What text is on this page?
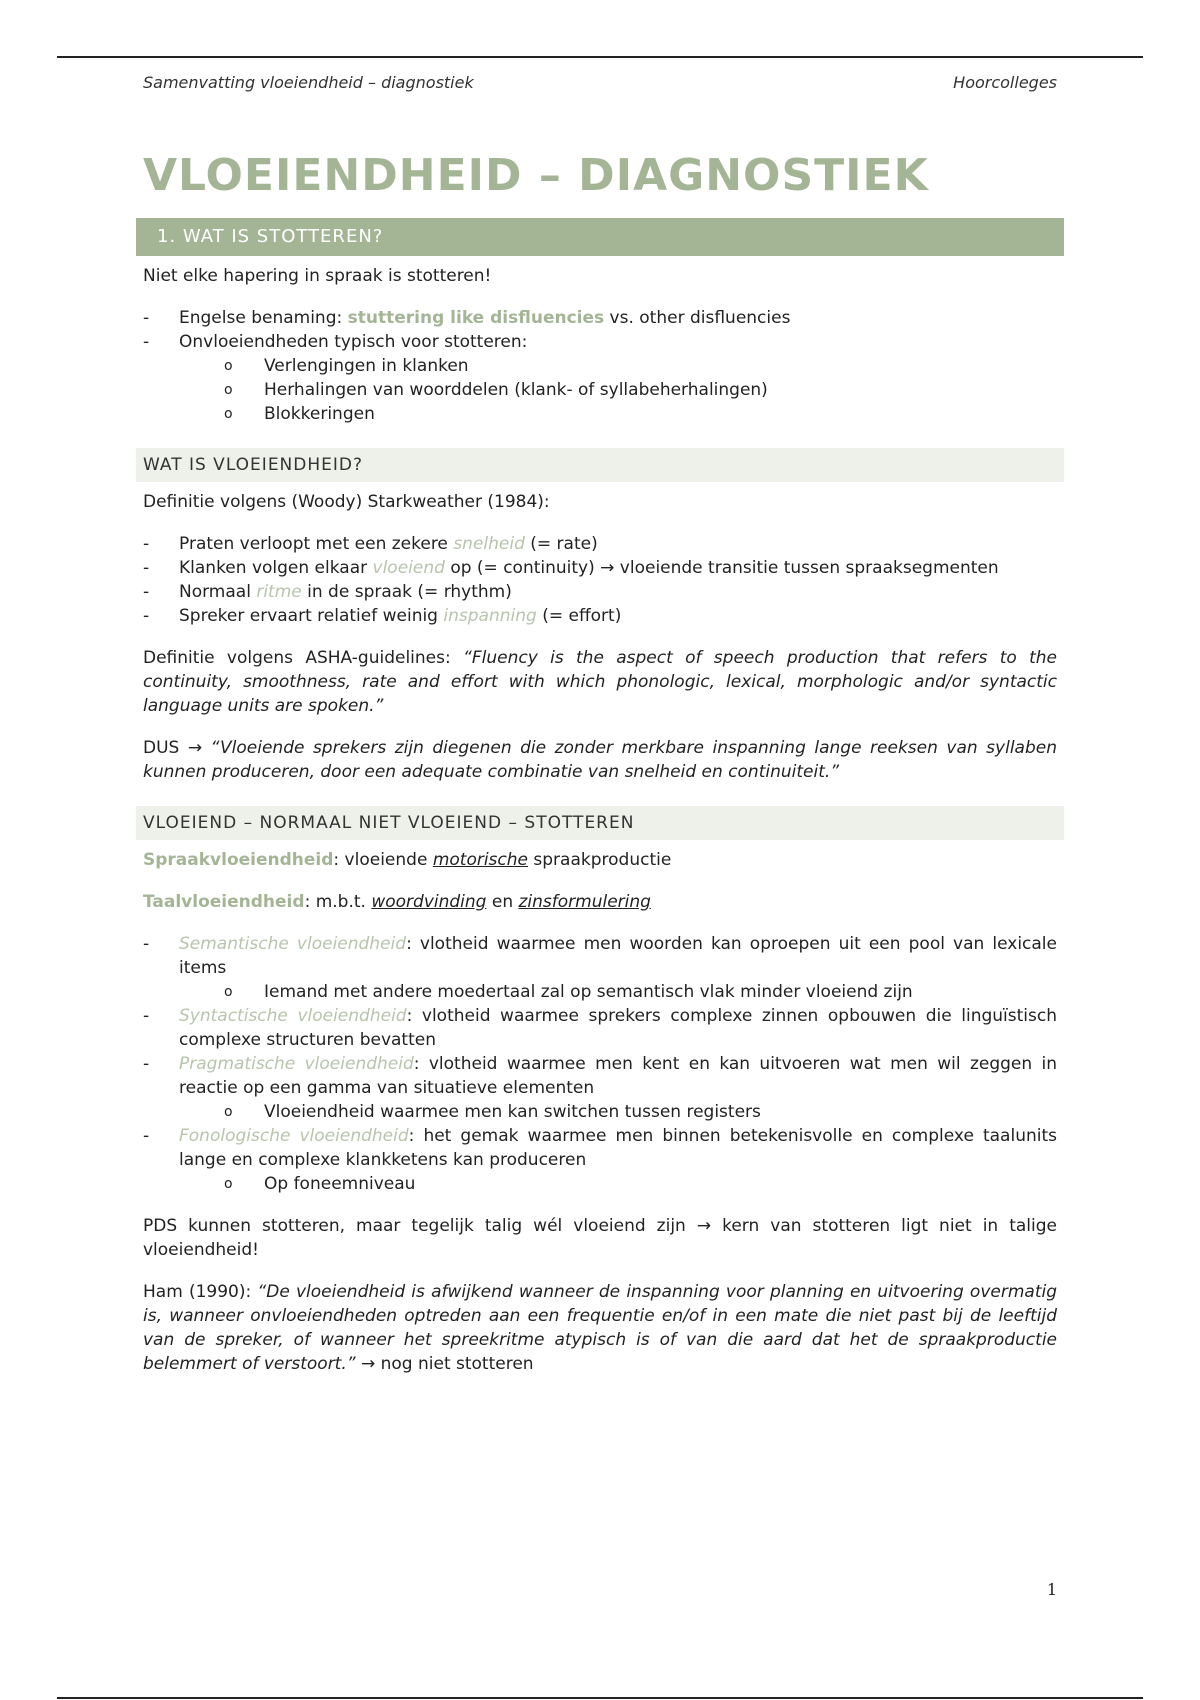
Samenvatting vloeiendheid – diagnostiek	Hoorcolleges
VLOEIENDHEID – DIAGNOSTIEK
1. WAT IS STOTTEREN?

Niet elke hapering in spraak is stotteren!

- Engelse benaming: stuttering like disfluencies vs. other disfluencies
- Onvloeiendheden typisch voor stotteren:
o Verlengingen in klanken
o Herhalingen van woorddelen (klank- of syllabeherhalingen)
o Blokkeringen
WAT IS VLOEIENDHEID?

Definitie volgens (Woody) Starkweather (1984):

- Praten verloopt met een zekere snelheid (= rate)
- Klanken volgen elkaar vloeiend op (= continuity) → vloeiende transitie tussen spraaksegmenten
- Normaal ritme in de spraak (= rhythm)
- Spreker ervaart relatief weinig inspanning (= effort)

Definitie volgens ASHA-guidelines: “Fluency is the aspect of speech production that refers to the continuity, smoothness, rate and effort with which phonologic, lexical, morphologic and/or syntactic language units are spoken.”

DUS → “Vloeiende sprekers zijn diegenen die zonder merkbare inspanning lange reeksen van syllaben kunnen produceren, door een adequate combinatie van snelheid en continuiteit.”

VLOEIEND – NORMAAL NIET VLOEIEND – STOTTEREN

Spraakvloeiendheid: vloeiende motorische spraakproductie

Taalvloeiendheid: m.b.t. woordvinding en zinsformulering

- Semantische vloeiendheid: vlotheid waarmee men woorden kan oproepen uit een pool van lexicale items
o Iemand met andere moedertaal zal op semantisch vlak minder vloeiend zijn
- Syntactische vloeiendheid: vlotheid waarmee sprekers complexe zinnen opbouwen die linguïstisch complexe structuren bevatten
- Pragmatische vloeiendheid: vlotheid waarmee men kent en kan uitvoeren wat men wil zeggen in reactie op een gamma van situatieve elementen
o Vloeiendheid waarmee men kan switchen tussen registers
- Fonologische vloeiendheid: het gemak waarmee men binnen betekenisvolle en complexe taalunits lange en complexe klankketens kan produceren
o Op foneemniveau

PDS kunnen stotteren, maar tegelijk talig wél vloeiend zijn → kern van stotteren ligt niet in talige vloeiendheid!

Ham (1990): “De vloeiendheid is afwijkend wanneer de inspanning voor planning en uitvoering overmatig is, wanneer onvloeiendheden optreden aan een frequentie en/of in een mate die niet past bij de leeftijd van de spreker, of wanneer het spreekritme atypisch is of van die aard dat het de spraakproductie belemmert of verstoort.” → nog niet stotteren

1
